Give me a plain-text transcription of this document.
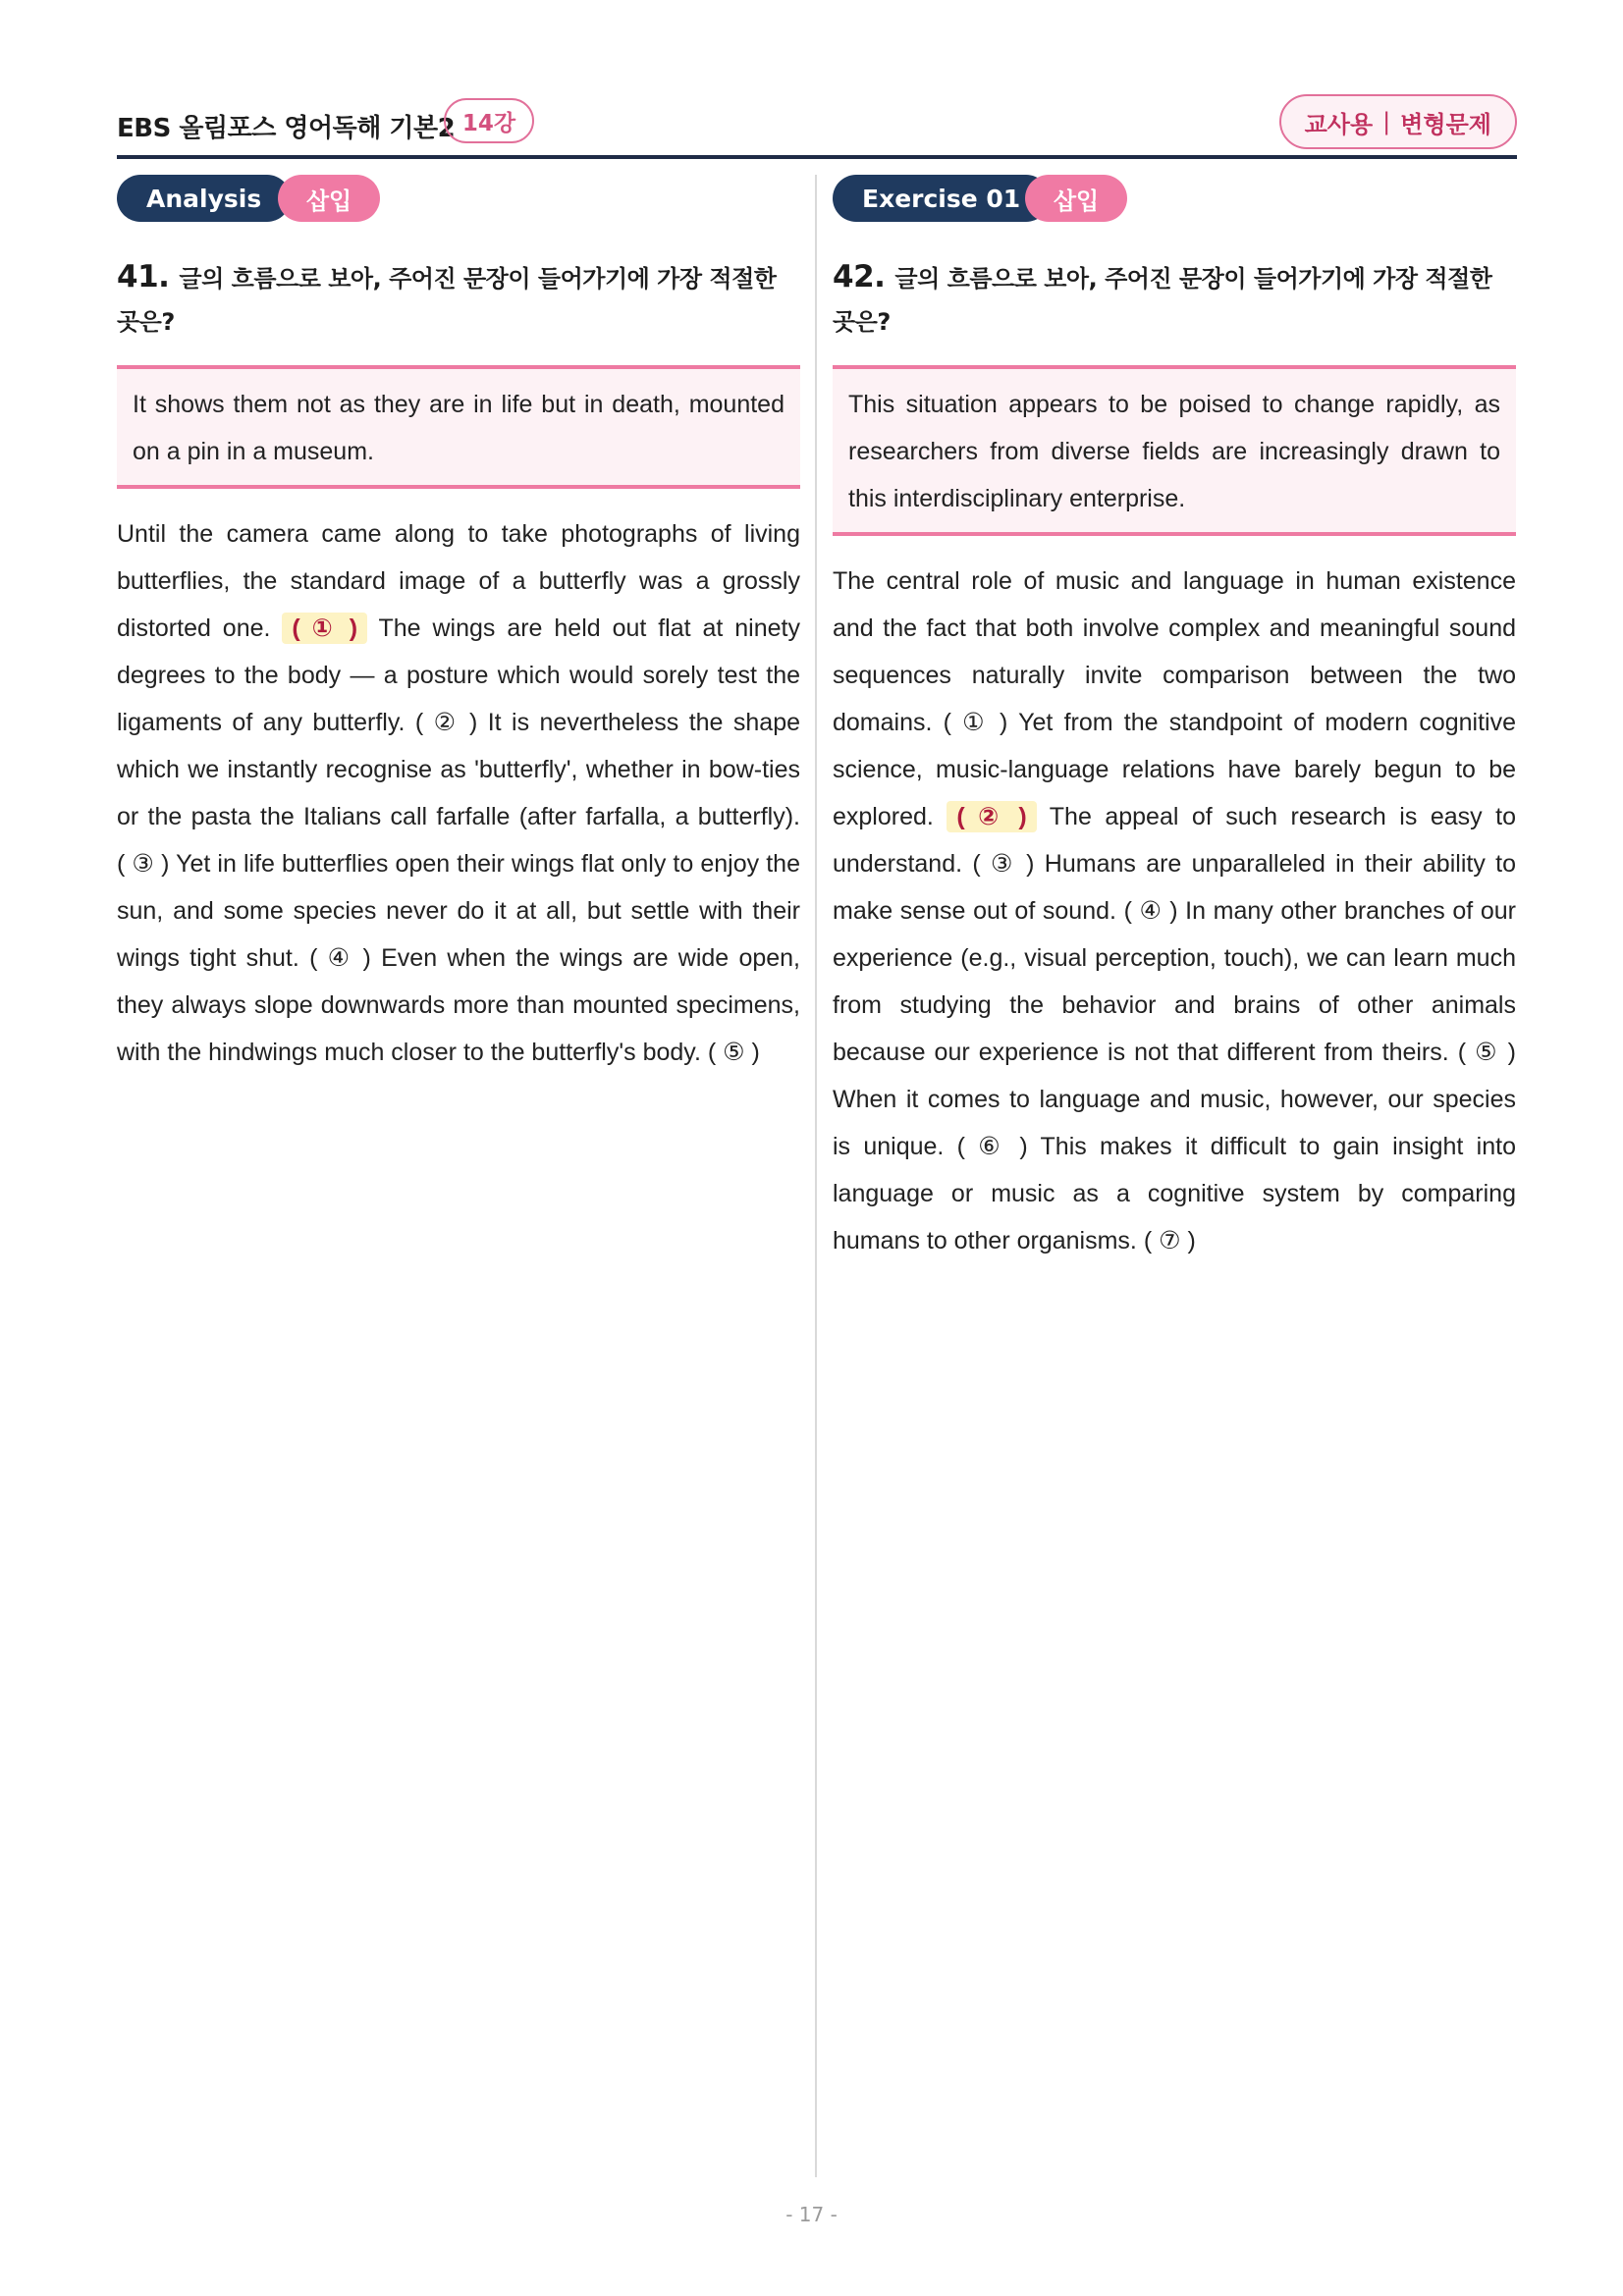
EBS 올림포스 영어독해 기본2 14강	교사용 | 변형문제
Analysis	삽입
41. 글의 흐름으로 보아, 주어진 문장이 들어가기에 가장 적절한
곳은?
It shows them not as they are in life but in death, mounted on a pin in a museum.
Until the camera came along to take photographs of living butterflies, the standard image of a butterfly was a grossly distorted one. ( ① ) The wings are held out flat at ninety degrees to the body — a posture which would sorely test the ligaments of any butterfly. ( ② ) It is nevertheless the shape which we instantly recognise as 'butterfly', whether in bow-ties or the pasta the Italians call farfalle (after farfalla, a butterfly). ( ③ ) Yet in life butterflies open their wings flat only to enjoy the sun, and some species never do it at all, but settle with their wings tight shut. ( ④ ) Even when the wings are wide open, they always slope downwards more than mounted specimens, with the hindwings much closer to the butterfly's body. ( ⑤ )
Exercise 01	삽입
42. 글의 흐름으로 보아, 주어진 문장이 들어가기에 가장 적절한
곳은?
This situation appears to be poised to change rapidly, as researchers from diverse fields are increasingly drawn to this interdisciplinary enterprise.
The central role of music and language in human existence and the fact that both involve complex and meaningful sound sequences naturally invite comparison between the two domains. ( ① ) Yet from the standpoint of modern cognitive science, music-language relations have barely begun to be explored. ( ② ) The appeal of such research is easy to understand. ( ③ ) Humans are unparalleled in their ability to make sense out of sound. ( ④ ) In many other branches of our experience (e.g., visual perception, touch), we can learn much from studying the behavior and brains of other animals because our experience is not that different from theirs. ( ⑤ ) When it comes to language and music, however, our species is unique. ( ⑥ ) This makes it difficult to gain insight into language or music as a cognitive system by comparing humans to other organisms. ( ⑦ )
- 17 -
